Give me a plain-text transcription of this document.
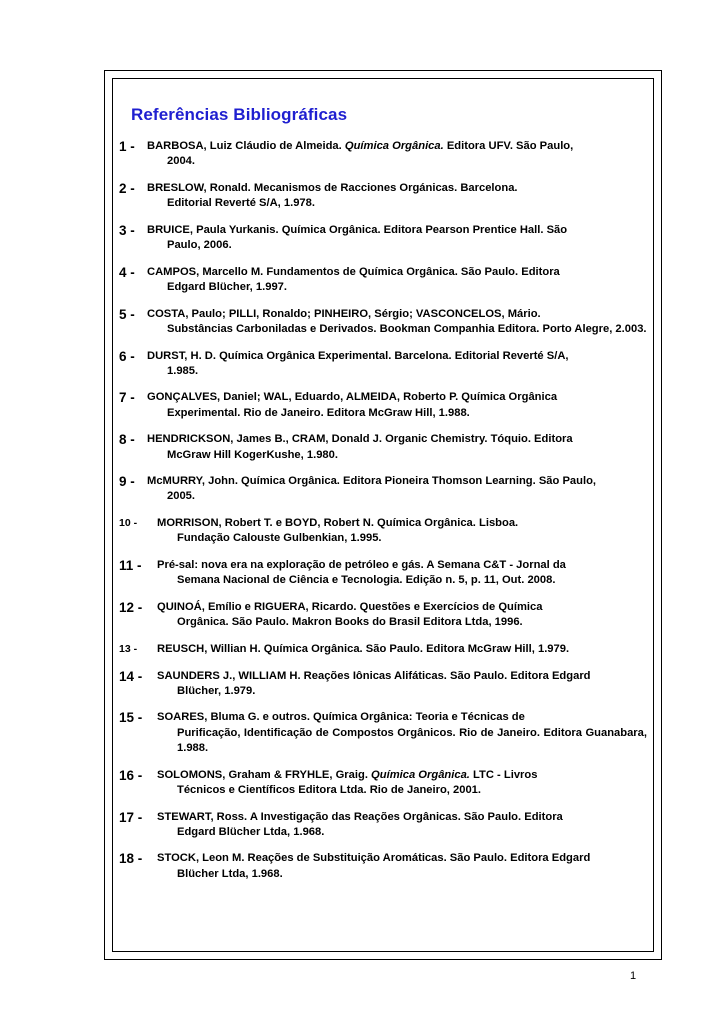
Referências Bibliográficas
1 -	BARBOSA, Luiz Cláudio de Almeida. Química Orgânica. Editora UFV. São Paulo,
2004.
2 -	BRESLOW, Ronald. Mecanismos de Racciones Orgánicas. Barcelona.
Editorial Reverté S/A, 1.978.
3 -	BRUICE, Paula Yurkanis. Química Orgânica. Editora Pearson Prentice Hall. São
Paulo, 2006.
4 -	CAMPOS, Marcello M. Fundamentos de Química Orgânica. São Paulo. Editora
Edgard Blücher, 1.997.
5 -	COSTA, Paulo; PILLI, Ronaldo; PINHEIRO, Sérgio; VASCONCELOS, Mário.
Substâncias Carboniladas e Derivados. Bookman Companhia Editora. Porto Alegre, 2.003.
6 -	DURST, H. D. Química Orgânica Experimental. Barcelona. Editorial Reverté S/A,
1.985.
7 -	GONÇALVES, Daniel; WAL, Eduardo, ALMEIDA, Roberto P. Química Orgânica
Experimental. Rio de Janeiro. Editora McGraw Hill, 1.988.
8 -	HENDRICKSON, James B., CRAM, Donald J. Organic Chemistry. Tóquio. Editora
McGraw Hill KogerKushe, 1.980.
9 -	McMURRY, John. Química Orgânica. Editora Pioneira Thomson Learning. São Paulo,
2005.
10 -	MORRISON, Robert T. e BOYD, Robert N. Química Orgânica. Lisboa.
Fundação Calouste Gulbenkian, 1.995.
11 -	Pré-sal: nova era na exploração de petróleo e gás. A Semana C&T - Jornal da
Semana Nacional de Ciência e Tecnologia. Edição n. 5, p. 11, Out. 2008.
12 -	QUINOÁ, Emílio e RIGUERA, Ricardo. Questões e Exercícios de Química
Orgânica. São Paulo. Makron Books do Brasil Editora Ltda, 1996.
13 -	REUSCH, Willian H. Química Orgânica. São Paulo. Editora McGraw Hill, 1.979.
14 -	SAUNDERS J., WILLIAM H. Reações Iônicas Alifáticas. São Paulo. Editora Edgard
Blücher, 1.979.
15 -	SOARES, Bluma G. e outros. Química Orgânica: Teoria e Técnicas de
Purificação, Identificação de Compostos Orgânicos. Rio de Janeiro. Editora Guanabara, 1.988.
16 -	SOLOMONS, Graham & FRYHLE, Graig. Química Orgânica. LTC - Livros
Técnicos e Científicos Editora Ltda. Rio de Janeiro, 2001.
17 -	STEWART, Ross. A Investigação das Reações Orgânicas. São Paulo. Editora
Edgard Blücher Ltda, 1.968.
18 -	STOCK, Leon M. Reações de Substituição Aromáticas. São Paulo. Editora Edgard
Blücher Ltda, 1.968.
1
